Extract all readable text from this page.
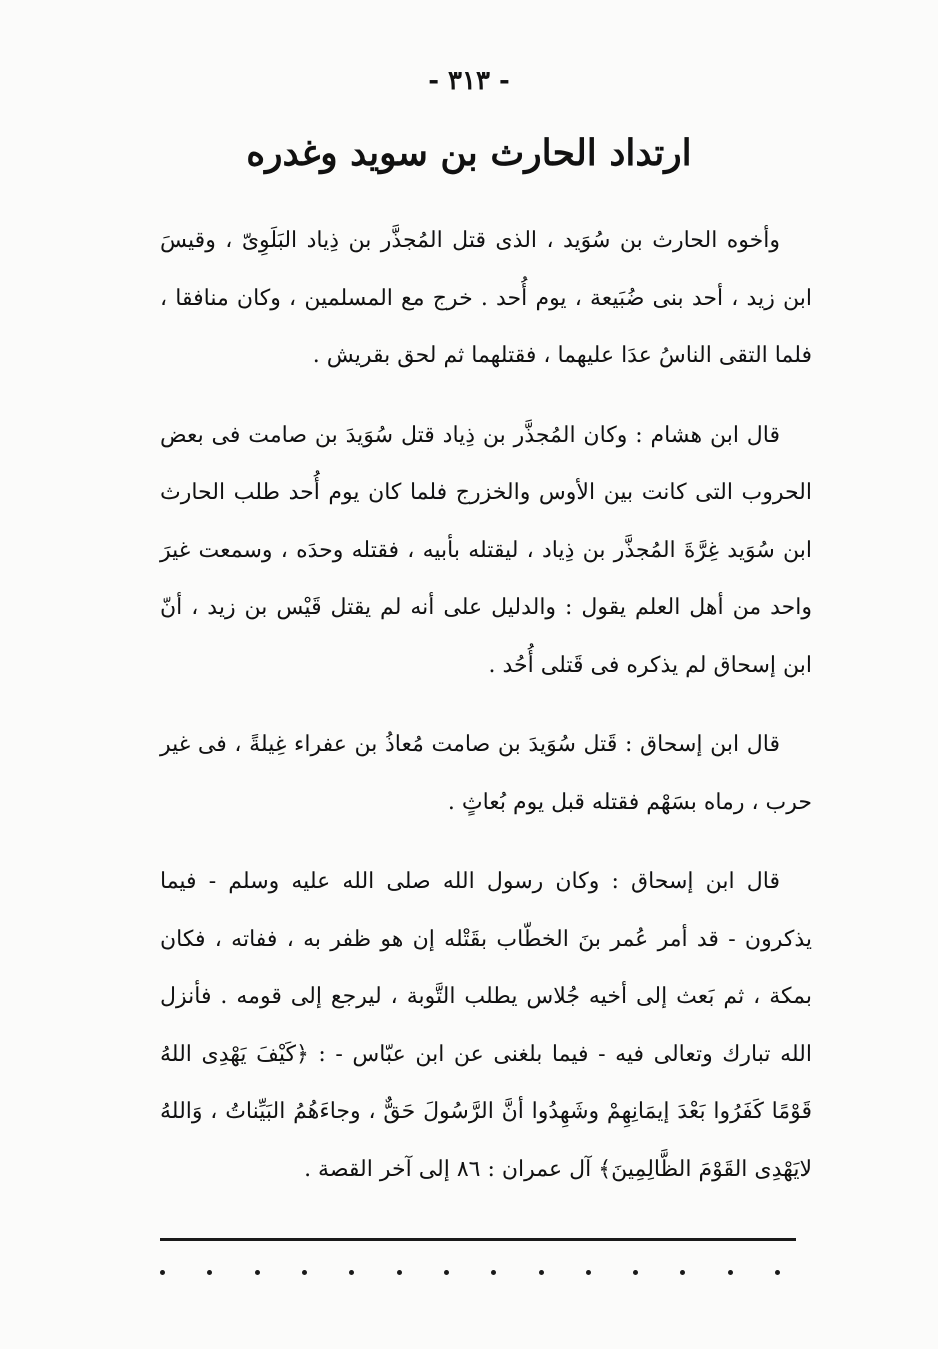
- ٣١٣ -
ارتداد الحارث بن سويد وغدره

وأخوه الحارث بن سُوَيد ، الذى قتل المُجذَّر بن ذِياد البَلَوِىّ ، وقيسَ ابن زيد ، أحد بنى ضُبَيعة ، يوم أُحد . خرج مع المسلمين ، وكان منافقا ، فلما التقى الناسُ عدَا عليهما ، فقتلهما ثم لحق بقريش .

قال ابن هشام : وكان المُجذَّر بن ذِياد قتل سُوَيدَ بن صامت فى بعض الحروب التى كانت بين الأوس والخزرج فلما كان يوم أُحد طلب الحارث ابن سُوَيد غِرَّةَ المُجذَّر بن ذِياد ، ليقتله بأبيه ، فقتله وحدَه ، وسمعت غيرَ واحد من أهل العلم يقول : والدليل على أنه لم يقتل قَيْس بن زيد ، أنّ ابن إسحاق لم يذكره فى قَتلى أُحُد .

قال ابن إسحاق : قَتل سُوَيدَ بن صامت مُعاذُ بن عفراء غِيلةً ، فى غير حرب ، رماه بسَهْم فقتله قبل يوم بُعاثٍ .

قال ابن إسحاق : وكان رسول الله صلى الله عليه وسلم - فيما يذكرون - قد أمر عُمر بنَ الخطّاب بقَتْله إن هو ظفر به ، ففاته ، فكان بمكة ، ثم بَعث إلى أخيه جُلاس يطلب التَّوبة ، ليرجع إلى قومه . فأنزل الله تبارك وتعالى فيه - فيما بلغنى عن ابن عبّاس - : ﴿كَيْفَ يَهْدِى اللهُ قَوْمًا كَفَرُوا بَعْدَ إيمَانِهِمْ وشَهِدُوا أنَّ الرَّسُولَ حَقٌّ ، وجاءَهُمُ البَيِّناتُ ، وَاللهُ لايَهْدِى القَوْمَ الظَّالِمِينَ﴾ آل عمران : ٨٦ إلى آخر القصة .
